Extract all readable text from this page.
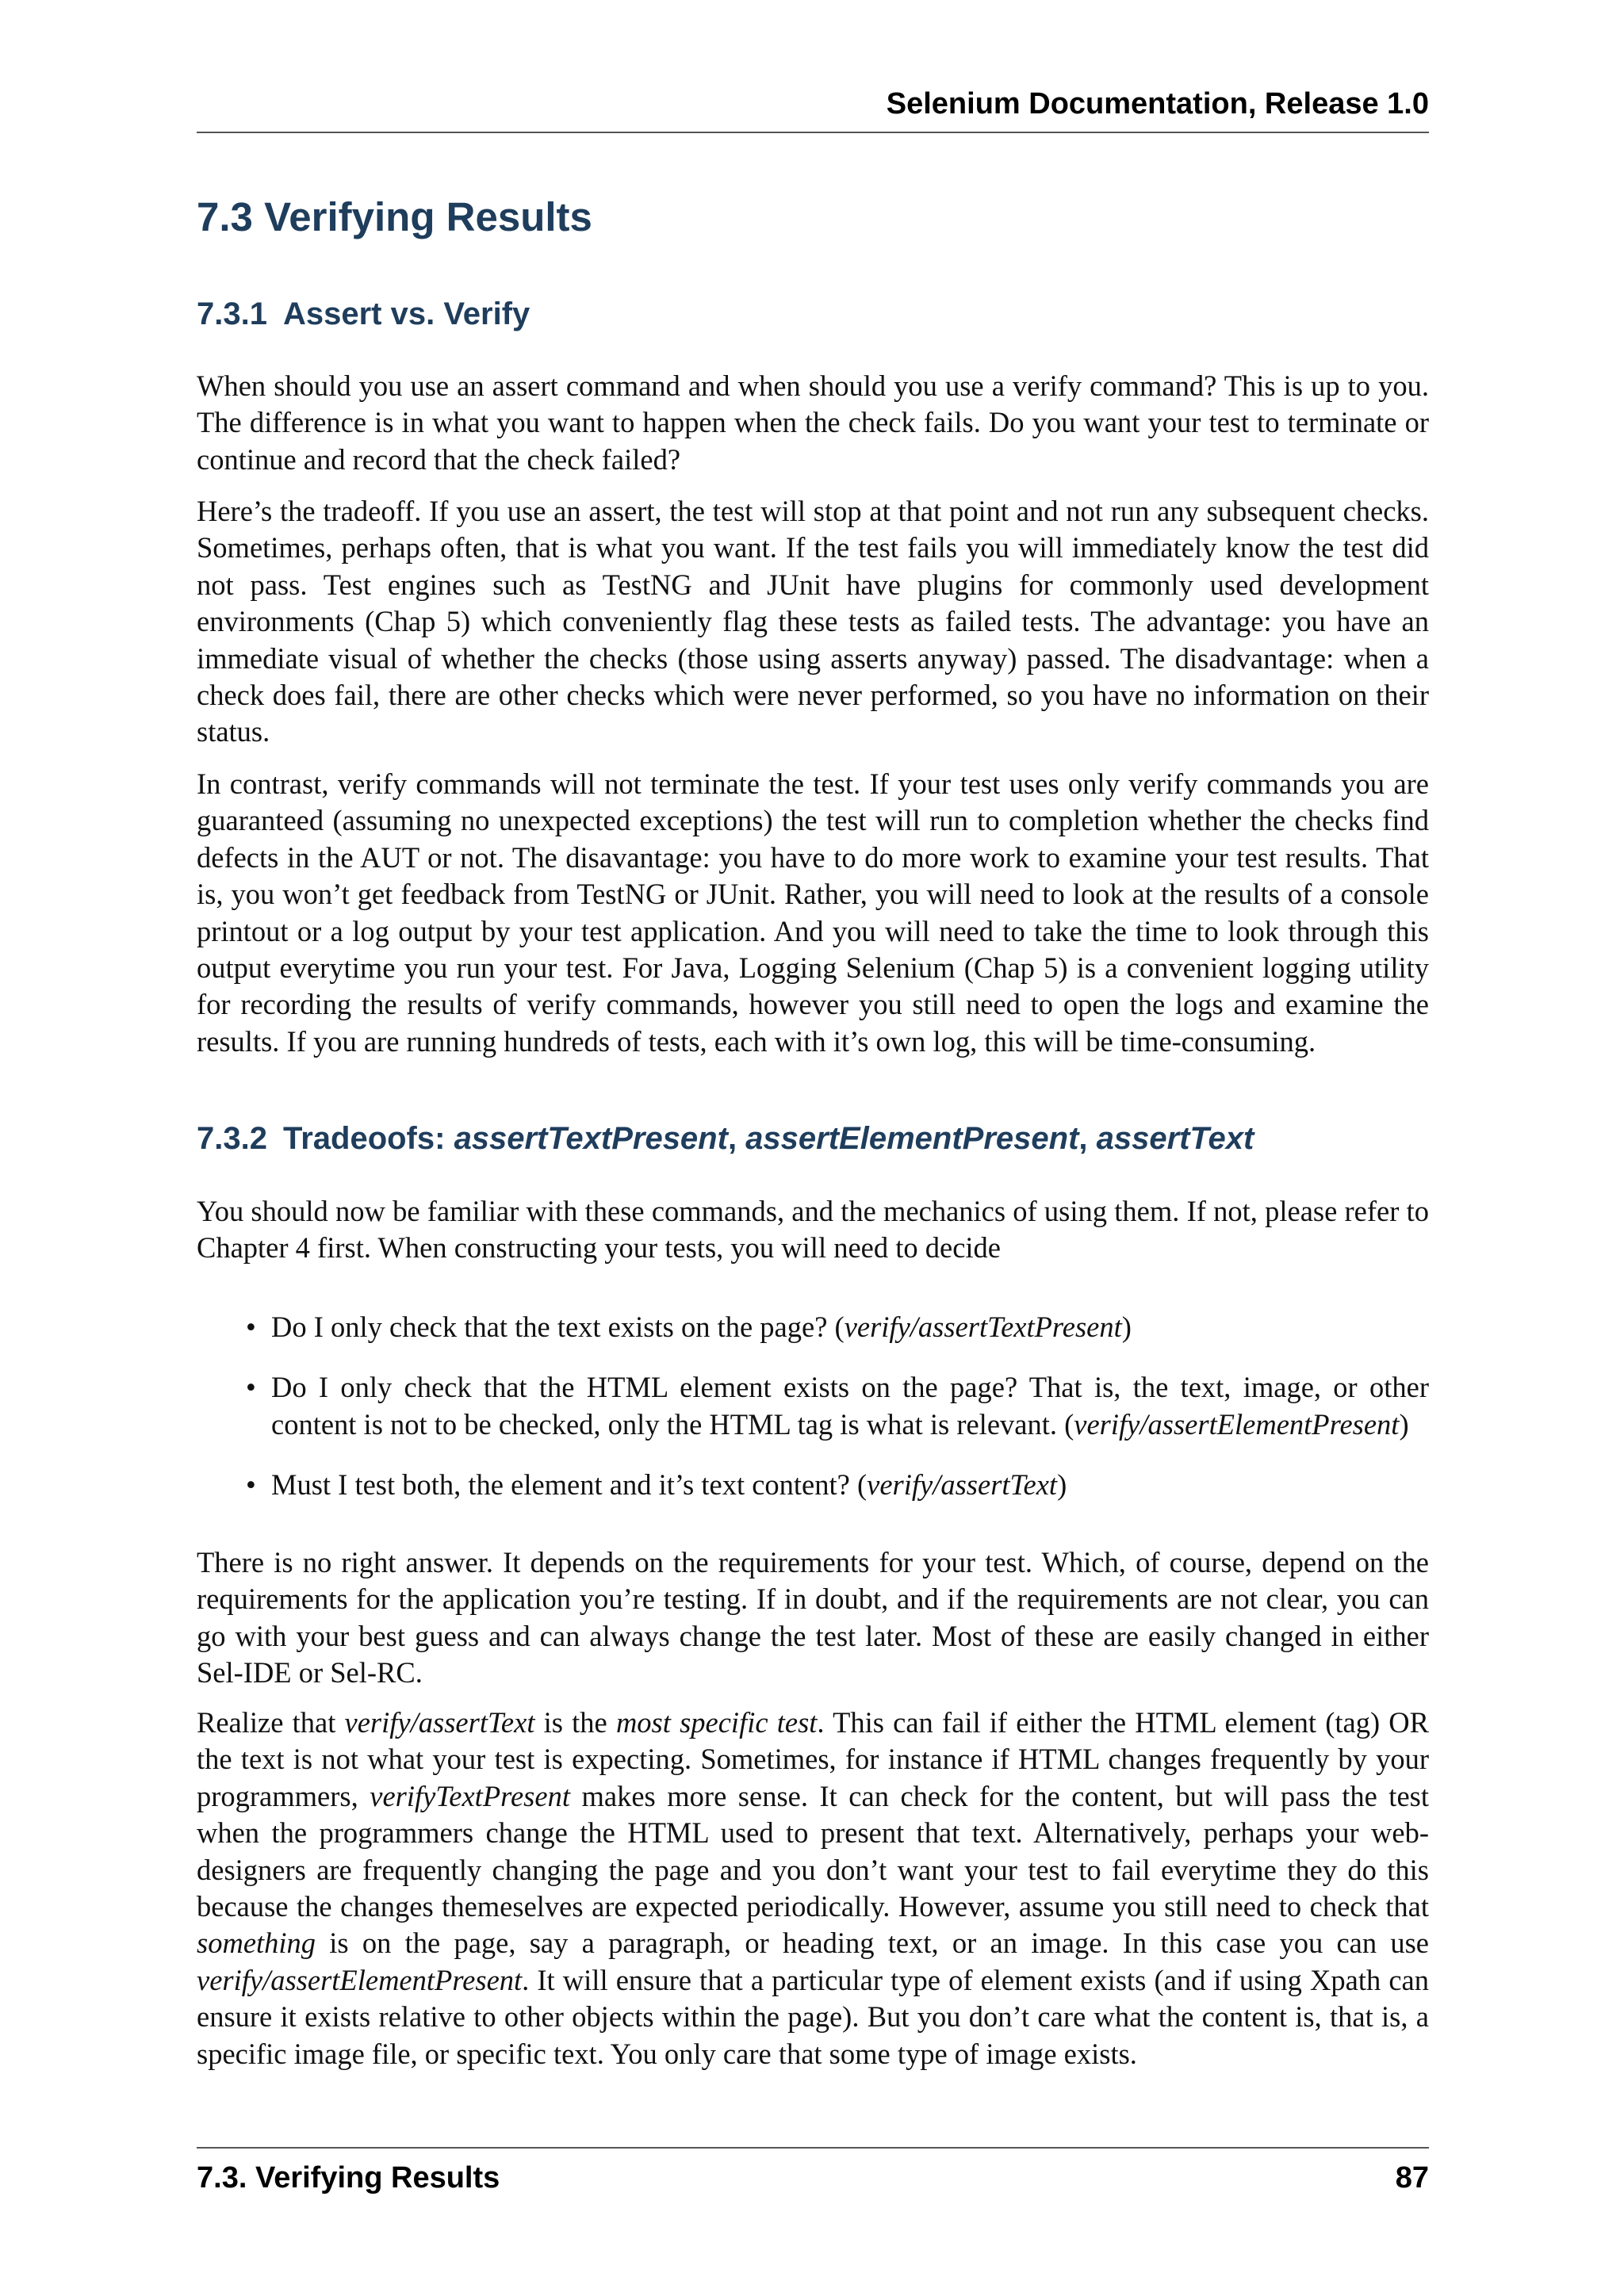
Selenium Documentation, Release 1.0
7.3 Verifying Results
7.3.1 Assert vs. Verify

When should you use an assert command and when should you use a verify command? This is up to you. The difference is in what you want to happen when the check fails. Do you want your test to terminate or continue and record that the check failed?

Here’s the tradeoff. If you use an assert, the test will stop at that point and not run any subsequent checks. Sometimes, perhaps often, that is what you want. If the test fails you will immediately know the test did not pass. Test engines such as TestNG and JUnit have plugins for commonly used development environments (Chap 5) which conveniently flag these tests as failed tests. The advantage: you have an immediate visual of whether the checks (those using asserts anyway) passed. The disadvantage: when a check does fail, there are other checks which were never performed, so you have no information on their status.

In contrast, verify commands will not terminate the test. If your test uses only verify commands you are guaranteed (assuming no unexpected exceptions) the test will run to completion whether the checks find defects in the AUT or not. The disavantage: you have to do more work to examine your test results. That is, you won’t get feedback from TestNG or JUnit. Rather, you will need to look at the results of a console printout or a log output by your test application. And you will need to take the time to look through this output everytime you run your test. For Java, Logging Selenium (Chap 5) is a convenient logging utility for recording the results of verify commands, however you still need to open the logs and examine the results. If you are running hundreds of tests, each with it’s own log, this will be time-consuming.

7.3.2 Tradeoofs: assertTextPresent, assertElementPresent, assertText

You should now be familiar with these commands, and the mechanics of using them. If not, please refer to Chapter 4 first. When constructing your tests, you will need to decide

• Do I only check that the text exists on the page? (verify/assertTextPresent)
• Do I only check that the HTML element exists on the page? That is, the text, image, or other content is not to be checked, only the HTML tag is what is relevant. (verify/assertElementPresent)
• Must I test both, the element and it’s text content? (verify/assertText)

There is no right answer. It depends on the requirements for your test. Which, of course, depend on the requirements for the application you’re testing. If in doubt, and if the requirements are not clear, you can go with your best guess and can always change the test later. Most of these are easily changed in either Sel-IDE or Sel-RC.

Realize that verify/assertText is the most specific test. This can fail if either the HTML element (tag) OR the text is not what your test is expecting. Sometimes, for instance if HTML changes frequently by your programmers, verifyTextPresent makes more sense. It can check for the content, but will pass the test when the programmers change the HTML used to present that text. Alternatively, perhaps your web-designers are frequently changing the page and you don’t want your test to fail everytime they do this because the changes themeselves are expected periodically. However, assume you still need to check that something is on the page, say a paragraph, or heading text, or an image. In this case you can use verify/assertElementPresent. It will ensure that a particular type of element exists (and if using Xpath can ensure it exists relative to other objects within the page). But you don’t care what the content is, that is, a specific image file, or specific text. You only care that some type of image exists.

7.3. Verifying Results	87
